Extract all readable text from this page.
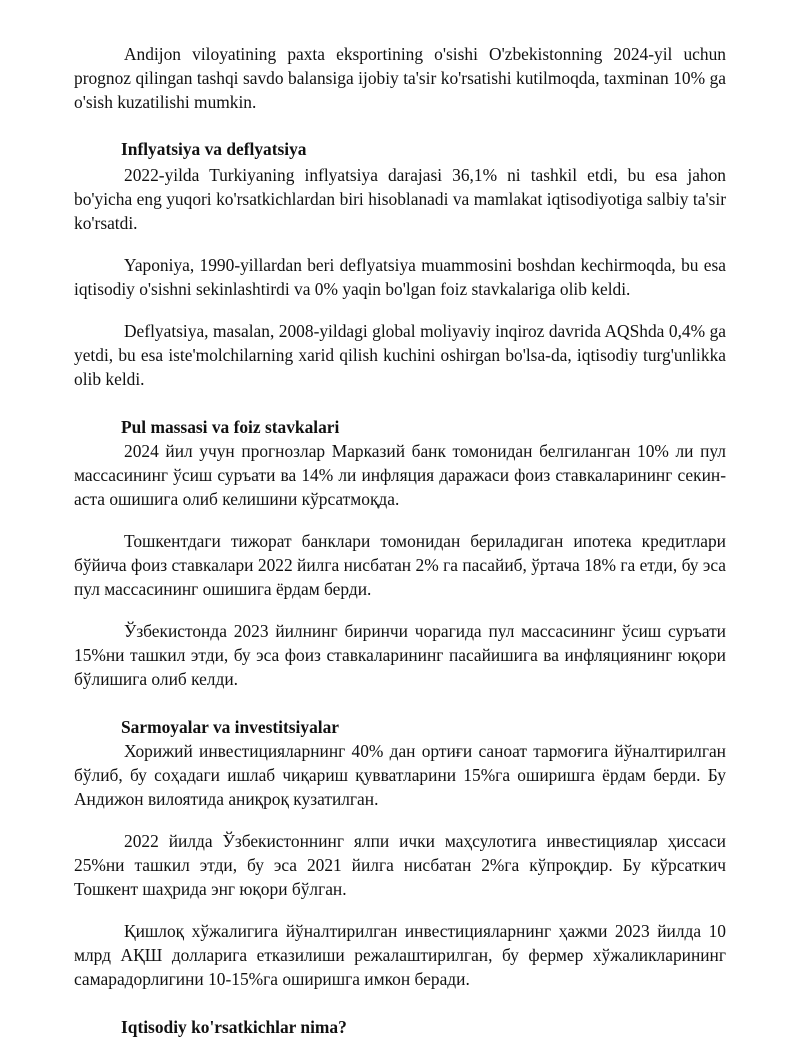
Andijon viloyatining paxta eksportining o'sishi O'zbekistonning 2024-yil uchun prognoz qilingan tashqi savdo balansiga ijobiy ta'sir ko'rsatishi kutilmoqda, taxminan 10% ga o'sish kuzatilishi mumkin.

Inflyatsiya va deflyatsiya

2022-yilda Turkiyaning inflyatsiya darajasi 36,1% ni tashkil etdi, bu esa jahon bo'yicha eng yuqori ko'rsatkichlardan biri hisoblanadi va mamlakat iqtisodiyotiga salbiy ta'sir ko'rsatdi.

Yaponiya, 1990-yillardan beri deflyatsiya muammosini boshdan kechirmoqda, bu esa iqtisodiy o'sishni sekinlashtirdi va 0% yaqin bo'lgan foiz stavkalariga olib keldi.

Deflyatsiya, masalan, 2008-yildagi global moliyaviy inqiroz davrida AQShda 0,4% ga yetdi, bu esa iste'molchilarning xarid qilish kuchini oshirgan bo'lsa-da, iqtisodiy turg'unlikka olib keldi.

Pul massasi va foiz stavkalari

2024 йил учун прогнозлар Марказий банк томонидан белгиланган 10% ли пул массасининг ўсиш суръати ва 14% ли инфляция даражаси фоиз ставкаларининг секин-аста ошишига олиб келишини кўрсатмоқда.

Тошкентдаги тижорат банклари томонидан бериладиган ипотека кредитлари бўйича фоиз ставкалари 2022 йилга нисбатан 2% га пасайиб, ўртача 18% га етди, бу эса пул массасининг ошишига ёрдам берди.

Ўзбекистонда 2023 йилнинг биринчи чорагида пул массасининг ўсиш суръати 15%ни ташкил этди, бу эса фоиз ставкаларининг пасайишига ва инфляциянинг юқори бўлишига олиб келди.

Sarmoyalar va investitsiyalar

Хорижий инвестицияларнинг 40% дан ортиғи саноат тармоғига йўналтирилган бўлиб, бу соҳадаги ишлаб чиқариш қувватларини 15%га оширишга ёрдам берди. Бу Андижон вилоятида аниқроқ кузатилган.

2022 йилда Ўзбекистоннинг ялпи ички маҳсулотига инвестициялар ҳиссаси 25%ни ташкил этди, бу эса 2021 йилга нисбатан 2%га кўпроқдир. Бу кўрсаткич Тошкент шаҳрида энг юқори бўлган.

Қишлоқ хўжалигига йўналтирилган инвестицияларнинг ҳажми 2023 йилда 10 млрд АҚШ долларига етказилиши режалаштирилган, бу фермер хўжаликларининг самарадорлигини 10-15%га оширишга имкон беради.

Iqtisodiy ko'rsatkichlar nima?
